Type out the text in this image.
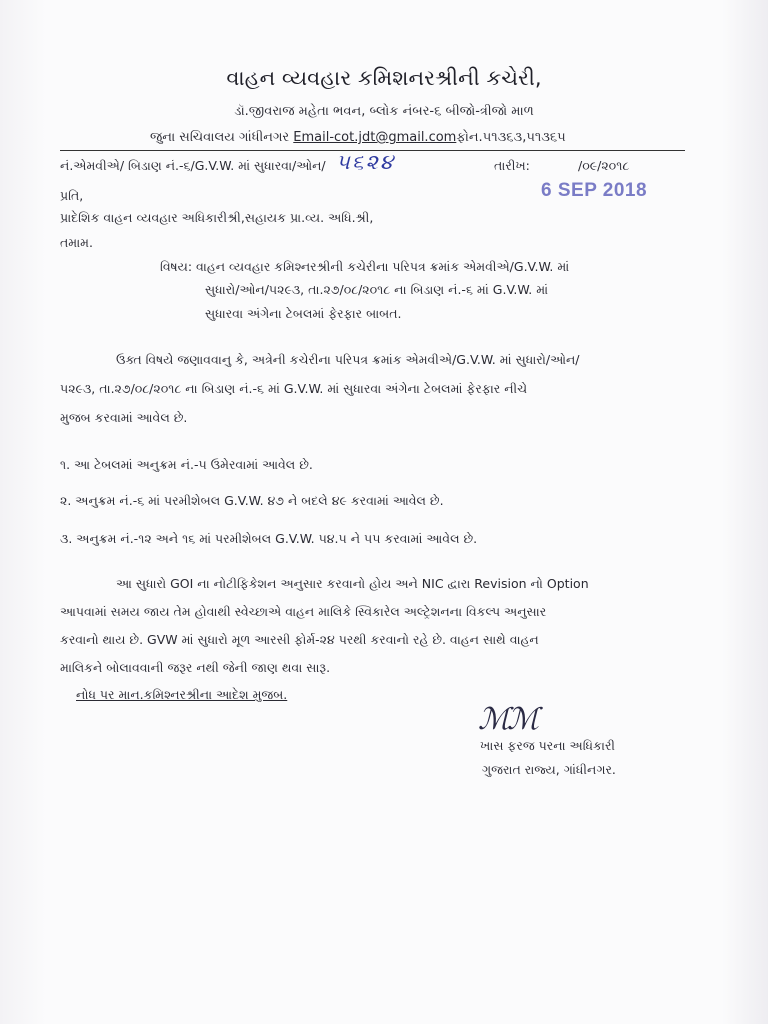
વાહન વ્યવહાર કમિશનરશ્રીની કચેરી,
ડૉ.જીવરાજ મહેતા ભવન, બ્લોક નંબર-૬ બીજો-ત્રીજો માળ
જુના સચિવાલય ગાંધીનગર Email-cot.jdt@gmail.comફોન.૫૧૩૬૩,૫૧૩૬૫
નં.એમવીએ/ બિડાણ નં.-૬/G.V.W. માં સુધારવા/ઓન/ ૫૬૨૪	તારીખ:	/૦૯/૨૦૧૮
6 SEP 2018
પ્રતિ,
પ્રાદેશિક વાહન વ્યવહાર અધિકારીશ્રી,સહાયક પ્રા.વ્ય. અધિ.શ્રી,
તમામ.
વિષય: વાહન વ્યવહાર કમિશ્નરશ્રીની કચેરીના પરિપત્ર ક્રમાંક એમવીએ/G.V.W. માં
સુધારો/ઓન/૫૨૯૩, તા.૨૭/૦૮/૨૦૧૮ ના બિડાણ નં.-૬ માં G.V.W. માં
સુધારવા અંગેના ટેબલમાં ફેરફાર બાબત.
ઉક્ત વિષયે જણાવવાનુ કે, અત્રેની કચેરીના પરિપત્ર ક્રમાંક એમવીએ/G.V.W. માં સુધારો/ઓન/
૫૨૯૩, તા.૨૭/૦૮/૨૦૧૮ ના બિડાણ નં.-૬ માં G.V.W. માં સુધારવા અંગેના ટેબલમાં ફેરફાર નીચે
મુજબ કરવામાં આવેલ છે.
૧. આ ટેબલમાં અનુક્રમ નં.-૫ ઉમેરવામાં આવેલ છે.
૨. અનુક્રમ નં.-૬ માં પરમીશેબલ G.V.W. ૪૭ ને બદલે ૪૯ કરવામાં આવેલ છે.
૩. અનુક્રમ નં.-૧૨ અને ૧૬ માં પરમીશેબલ G.V.W. ૫૪.૫ ને ૫૫ કરવામાં આવેલ છે.
આ સુધારો GOI ના નોટીફિકેશન અનુસાર કરવાનો હોય અને NIC દ્વારા Revision નો Option
આપવામાં સમય જાય તેમ હોવાથી સ્વેચ્છાએ વાહન માલિકે સ્વિકારેલ અલ્ટ્રેશનના વિકલ્પ અનુસાર
કરવાનો થાય છે. GVW માં સુધારો મૂળ આરસી ફોર્મ-૨૪ પરથી કરવાનો રહે છે. વાહન સાથે વાહન
માલિકને બોલાવવાની જરૂર નથી જેની જાણ થવા સારૂ.
નોધ પર માન.કમિશ્નરશ્રીના આદેશ મુજબ.
ℳℳ
ખાસ ફરજ પરના અધિકારી
ગુજરાત રાજ્ય, ગાંધીનગર.
